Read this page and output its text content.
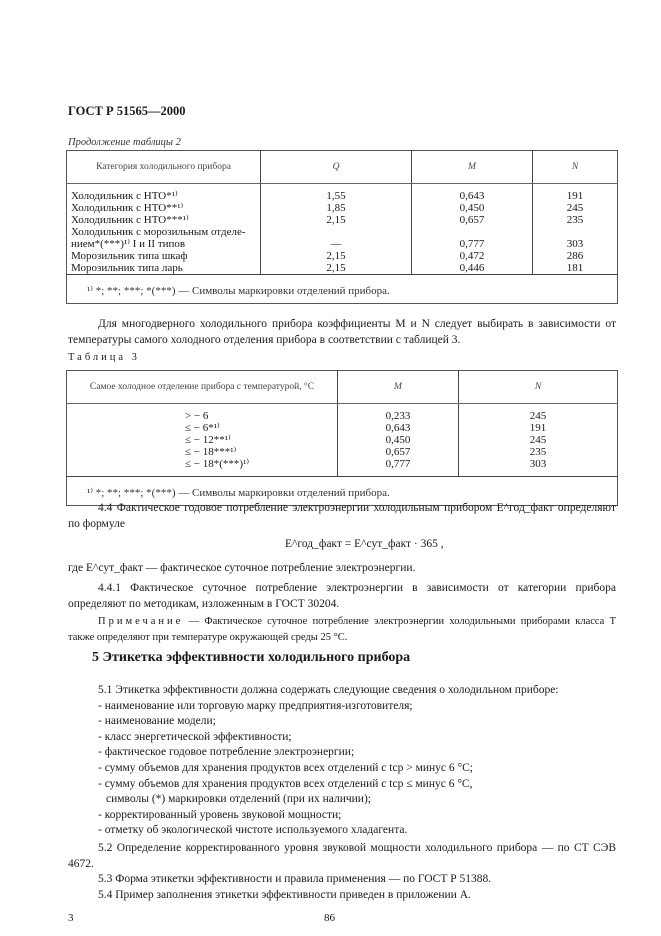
ГОСТ Р 51565—2000
Продолжение таблицы 2
Категория холодильного прибора	Q	M	N
Холодильник с НТО*¹⁾	1,55	0,643	191
Холодильник с НТО**¹⁾	1,85	0,450	245
Холодильник с НТО***¹⁾	2,15	0,657	235
Холодильник с морозильным отделе-нием*(***)¹⁾ I и II типов	—	0,777	303
Морозильник типа шкаф	2,15	0,472	286
Морозильник типа ларь	2,15	0,446	181
¹⁾ *; **; ***; *(***) — Символы маркировки отделений прибора.			
Для многодверного холодильного прибора коэффициенты M и N следует выбирать в зависимости от температуры самого холодного отделения прибора в соответствии с таблицей 3.
Таблица 3
Самое холодное отделение прибора с температурой, °С	M	N
> − 6	0,233	245
≤ − 6*¹⁾	0,643	191
≤ − 12**¹⁾	0,450	245
≤ − 18***¹⁾	0,657	235
≤ − 18*(***)¹⁾	0,777	303
¹⁾ *; **; ***; *(***) — Символы маркировки отделений прибора.		
4.4 Фактическое годовое потребление электроэнергии холодильным прибором E^год_факт определяют по формуле
E^год_факт = E^сут_факт · 365 ,
где E^сут_факт — фактическое суточное потребление электроэнергии.
4.4.1 Фактическое суточное потребление электроэнергии в зависимости от категории прибора определяют по методикам, изложенным в ГОСТ 30204.
Примечание — Фактическое суточное потребление электроэнергии холодильными приборами класса Т также определяют при температуре окружающей среды 25 °С.
5 Этикетка эффективности холодильного прибора
5.1 Этикетка эффективности должна содержать следующие сведения о холодильном приборе:
- наименование или торговую марку предприятия-изготовителя;
- наименование модели;
- класс энергетической эффективности;
- фактическое годовое потребление электроэнергии;
- сумму объемов для хранения продуктов всех отделений с tср > минус 6 °С;
- сумму объемов для хранения продуктов всех отделений с tср ≤ минус 6 °С,
символы (*) маркировки отделений (при их наличии);
- корректированный уровень звуковой мощности;
- отметку об экологической чистоте используемого хладагента.
5.2 Определение корректированного уровня звуковой мощности холодильного прибора — по СТ СЭВ 4672.
5.3 Форма этикетки эффективности и правила применения — по ГОСТ Р 51388.
5.4 Пример заполнения этикетки эффективности приведен в приложении А.
3	86
